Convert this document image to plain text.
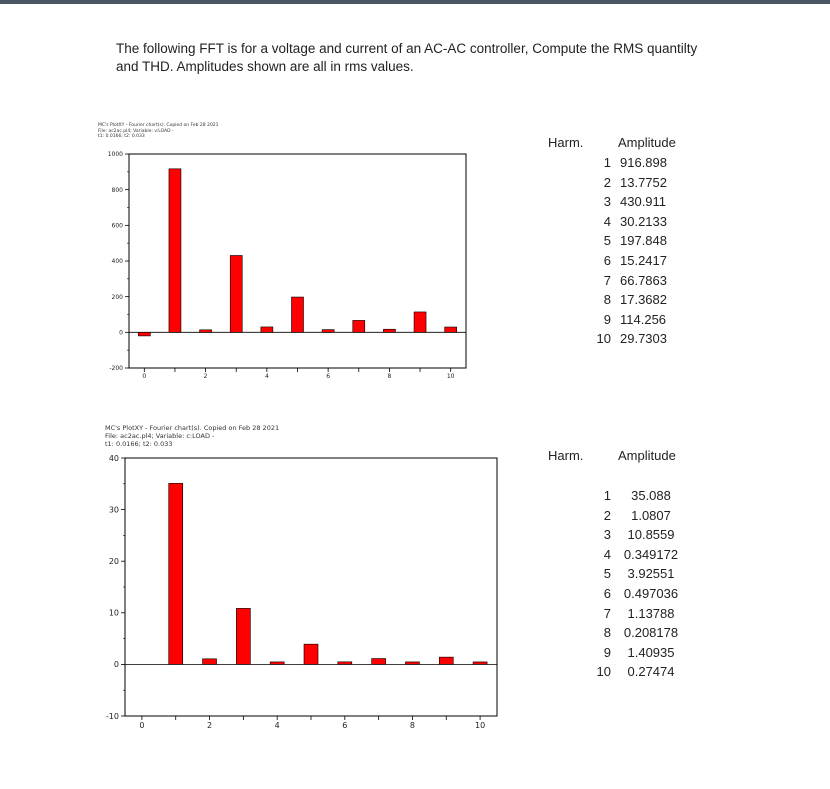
The following FFT is for a voltage and current of an AC-AC controller, Compute the RMS quantilty and THD. Amplitudes shown are all in rms values.
MC's PlotXY - Fourier chart(s). Copied on Feb 28 2021
File: ac2ac.pl4; Variable: v:LOAD -
t1: 0.0166; t2: 0.033
MC's PlotXY - Fourier chart(s). Copied on Feb 28 2021
File: ac2ac.pl4; Variable: c:LOAD -
t1: 0.0166; t2: 0.033
-200
0
200
400
600
800
1000
0	2	4	6	8	10
-10
0
10
20
30
40
0	2	4	6	8	10
Harm.	Amplitude
1 916.898
2 13.7752
3 430.911
4 30.2133
5 197.848
6 15.2417
7 66.7863
8 17.3682
9 114.256
10 29.7303
Harm.	Amplitude
1	35.088
2	1.0807
3	10.8559
4 0.349172
5	3.92551
6 0.497036
7	1.13788
8 0.208178
9	1.40935
10	0.27474
